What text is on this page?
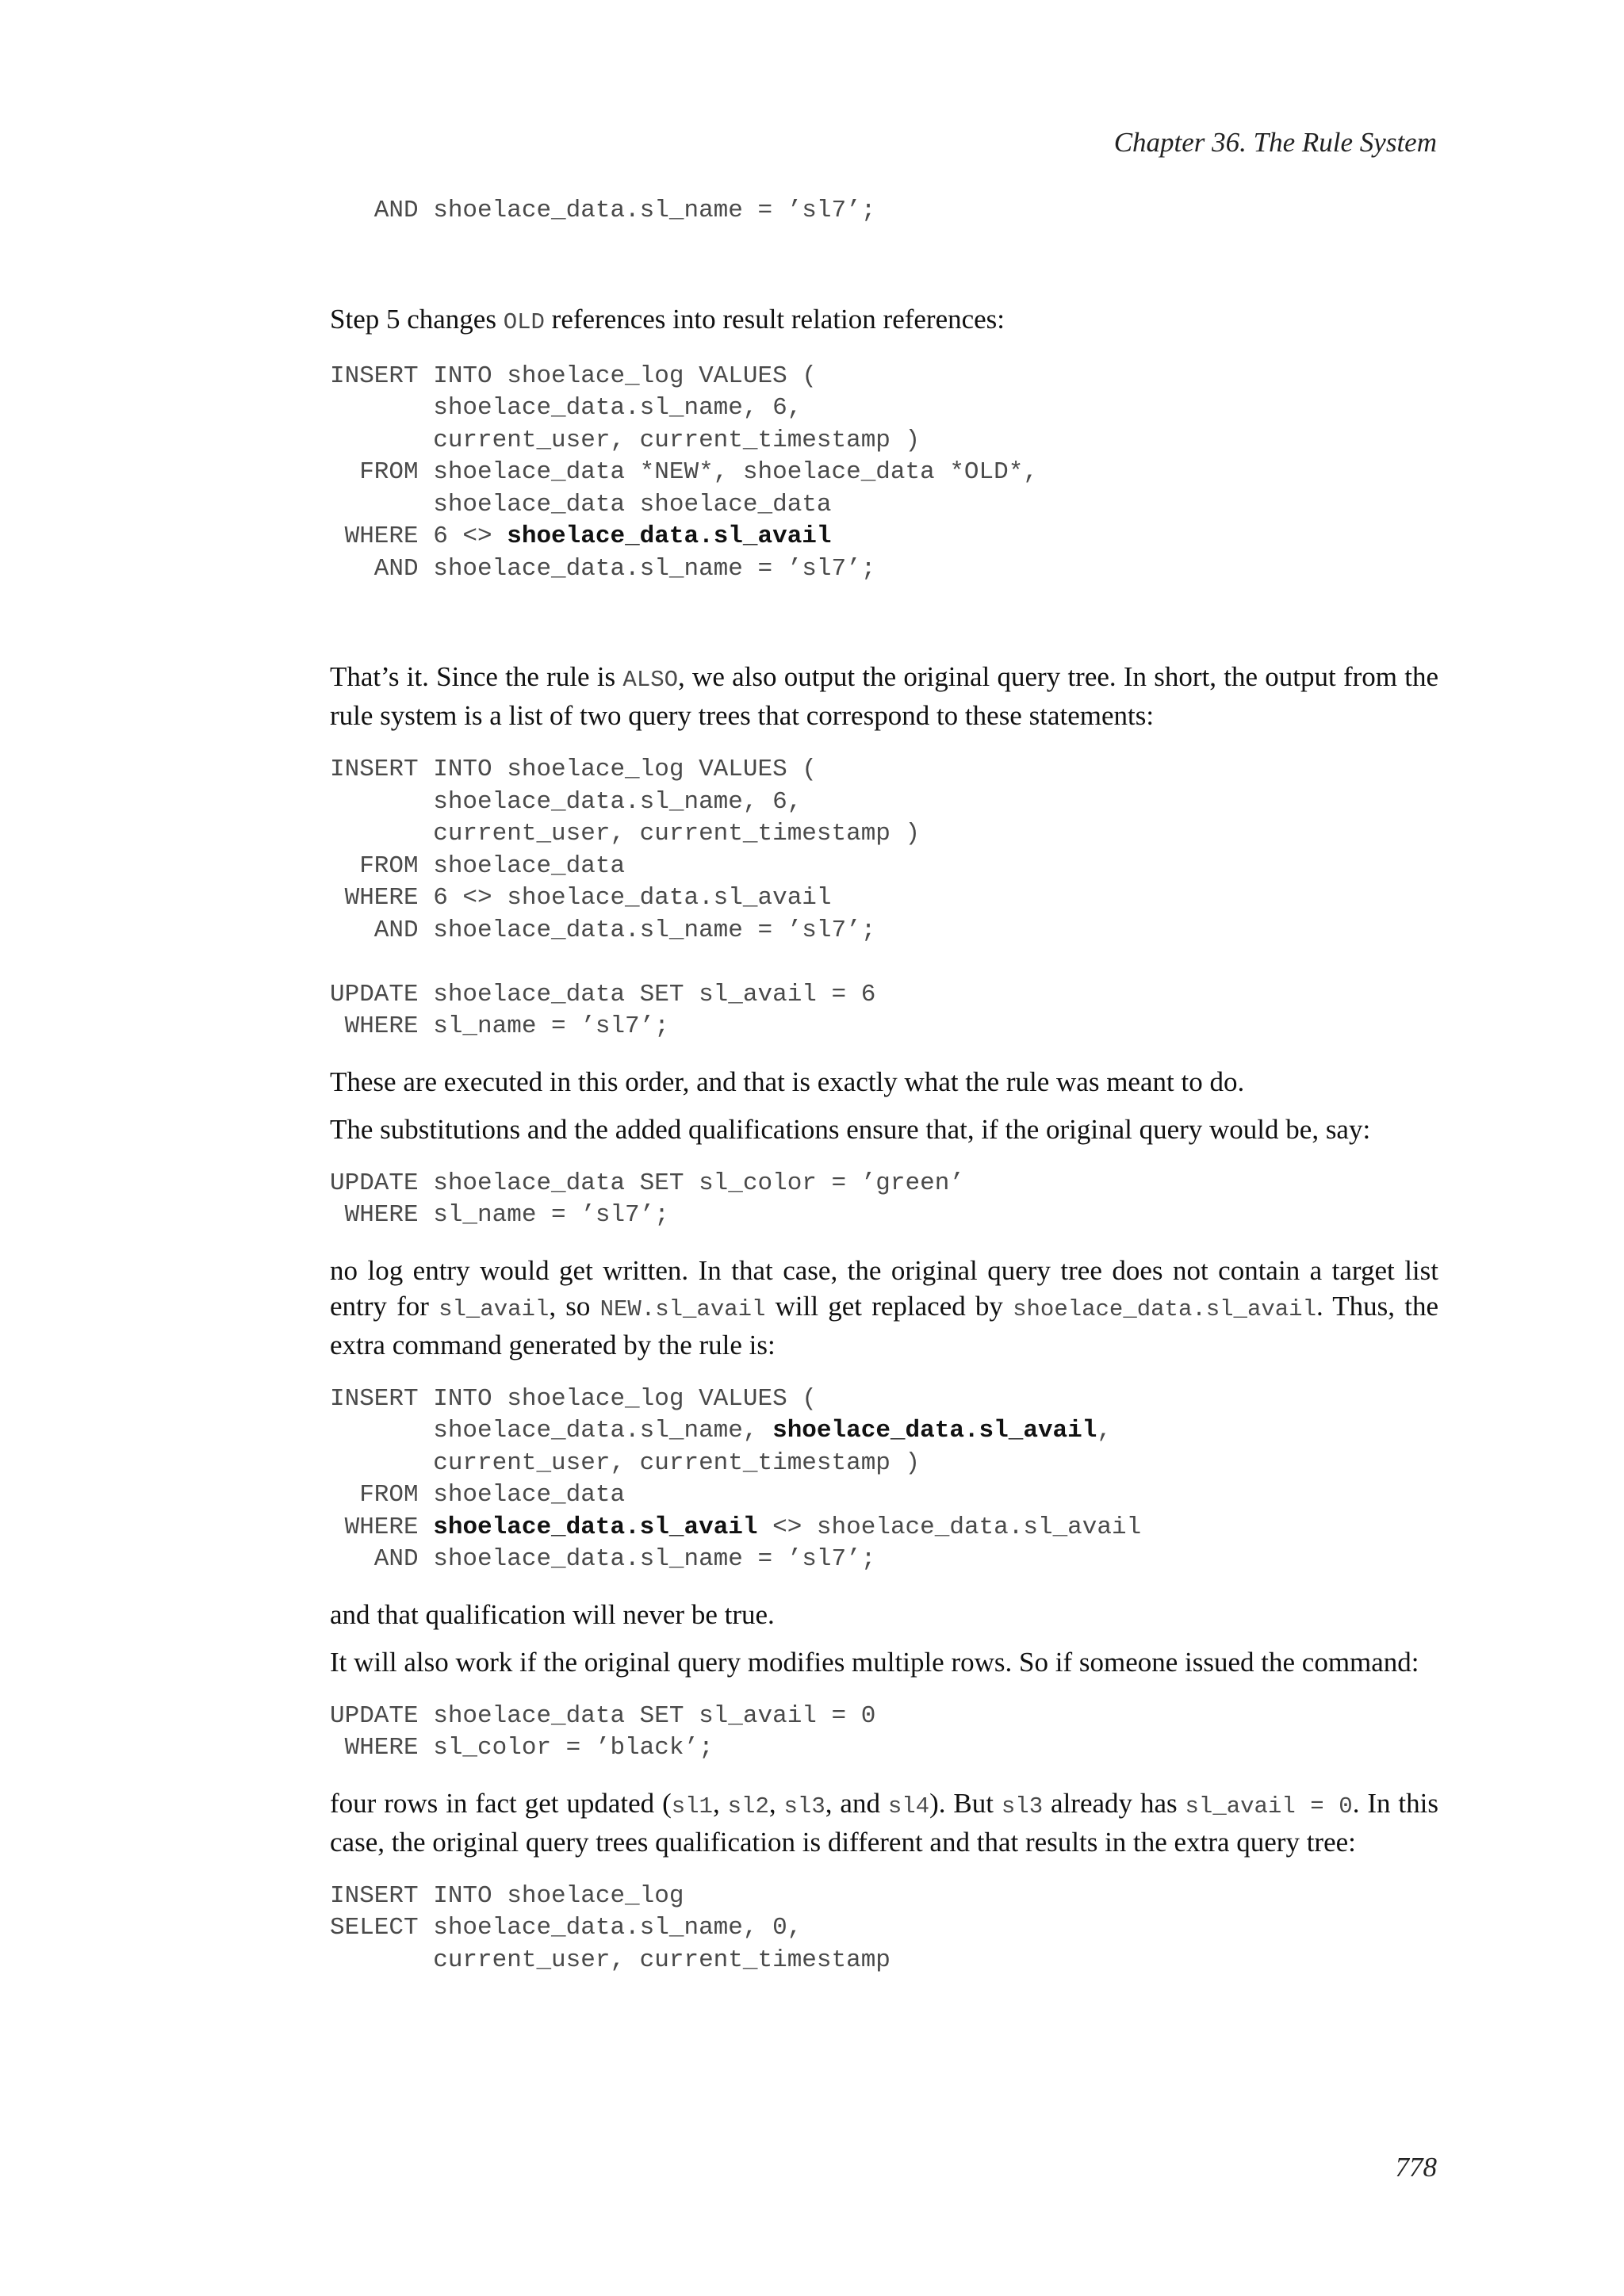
Chapter 36. The Rule System
AND shoelace_data.sl_name = ’sl7’;

Step 5 changes OLD references into result relation references:

INSERT INTO shoelace_log VALUES (
shoelace_data.sl_name, 6,
current_user, current_timestamp )
FROM shoelace_data *NEW*, shoelace_data *OLD*,
shoelace_data shoelace_data
WHERE 6 <> shoelace_data.sl_avail
AND shoelace_data.sl_name = ’sl7’;

That’s it. Since the rule is ALSO, we also output the original query tree. In short, the output from the rule system is a list of two query trees that correspond to these statements:

INSERT INTO shoelace_log VALUES (
shoelace_data.sl_name, 6,
current_user, current_timestamp )
FROM shoelace_data
WHERE 6 <> shoelace_data.sl_avail
AND shoelace_data.sl_name = ’sl7’;

UPDATE shoelace_data SET sl_avail = 6
WHERE sl_name = ’sl7’;

These are executed in this order, and that is exactly what the rule was meant to do.

The substitutions and the added qualifications ensure that, if the original query would be, say:

UPDATE shoelace_data SET sl_color = ’green’
WHERE sl_name = ’sl7’;

no log entry would get written. In that case, the original query tree does not contain a target list entry for sl_avail, so NEW.sl_avail will get replaced by shoelace_data.sl_avail. Thus, the extra command generated by the rule is:

INSERT INTO shoelace_log VALUES (
shoelace_data.sl_name, shoelace_data.sl_avail,
current_user, current_timestamp )
FROM shoelace_data
WHERE shoelace_data.sl_avail <> shoelace_data.sl_avail
AND shoelace_data.sl_name = ’sl7’;

and that qualification will never be true.

It will also work if the original query modifies multiple rows. So if someone issued the command:

UPDATE shoelace_data SET sl_avail = 0
WHERE sl_color = ’black’;

four rows in fact get updated (sl1, sl2, sl3, and sl4). But sl3 already has sl_avail = 0. In this case, the original query trees qualification is different and that results in the extra query tree:

INSERT INTO shoelace_log
SELECT shoelace_data.sl_name, 0,
current_user, current_timestamp
778
